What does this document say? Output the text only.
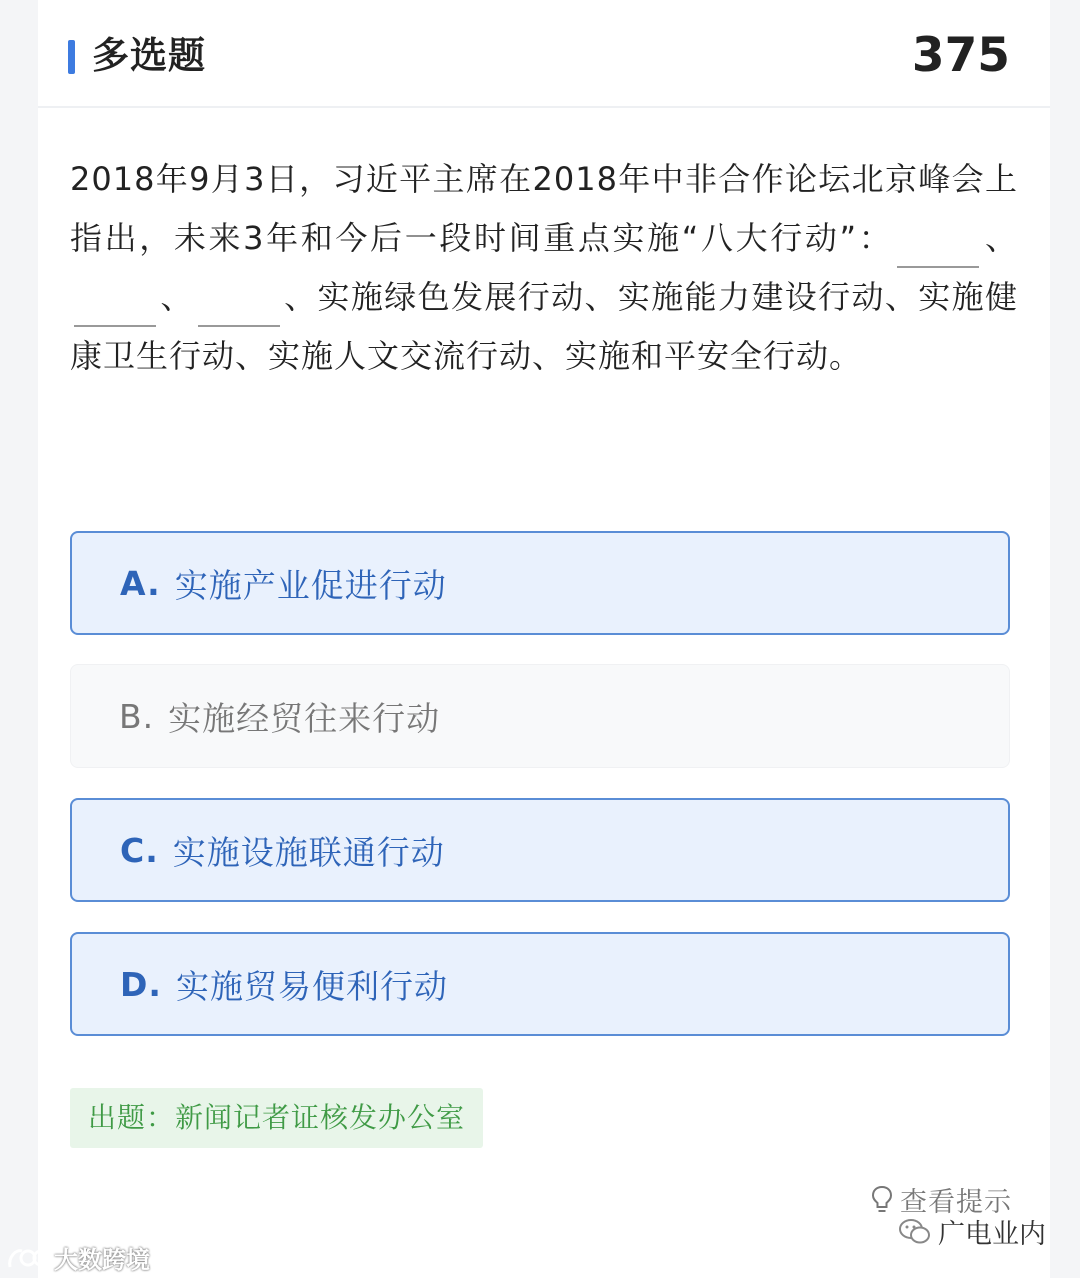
多选题	375
2018年9月3日，习近平主席在2018年中非合作论坛北京峰会上指出，未来3年和今后一段时间重点实施“八大行动”：	、、	、实施绿色发展行动、实施能力建设行动、实施健康卫生行动、实施人文交流行动、实施和平安全行动。
A. 实施产业促进行动
B. 实施经贸往来行动
C. 实施设施联通行动
D. 实施贸易便利行动
出题：新闻记者证核发办公室
查看提示
广电业内
大数跨境
